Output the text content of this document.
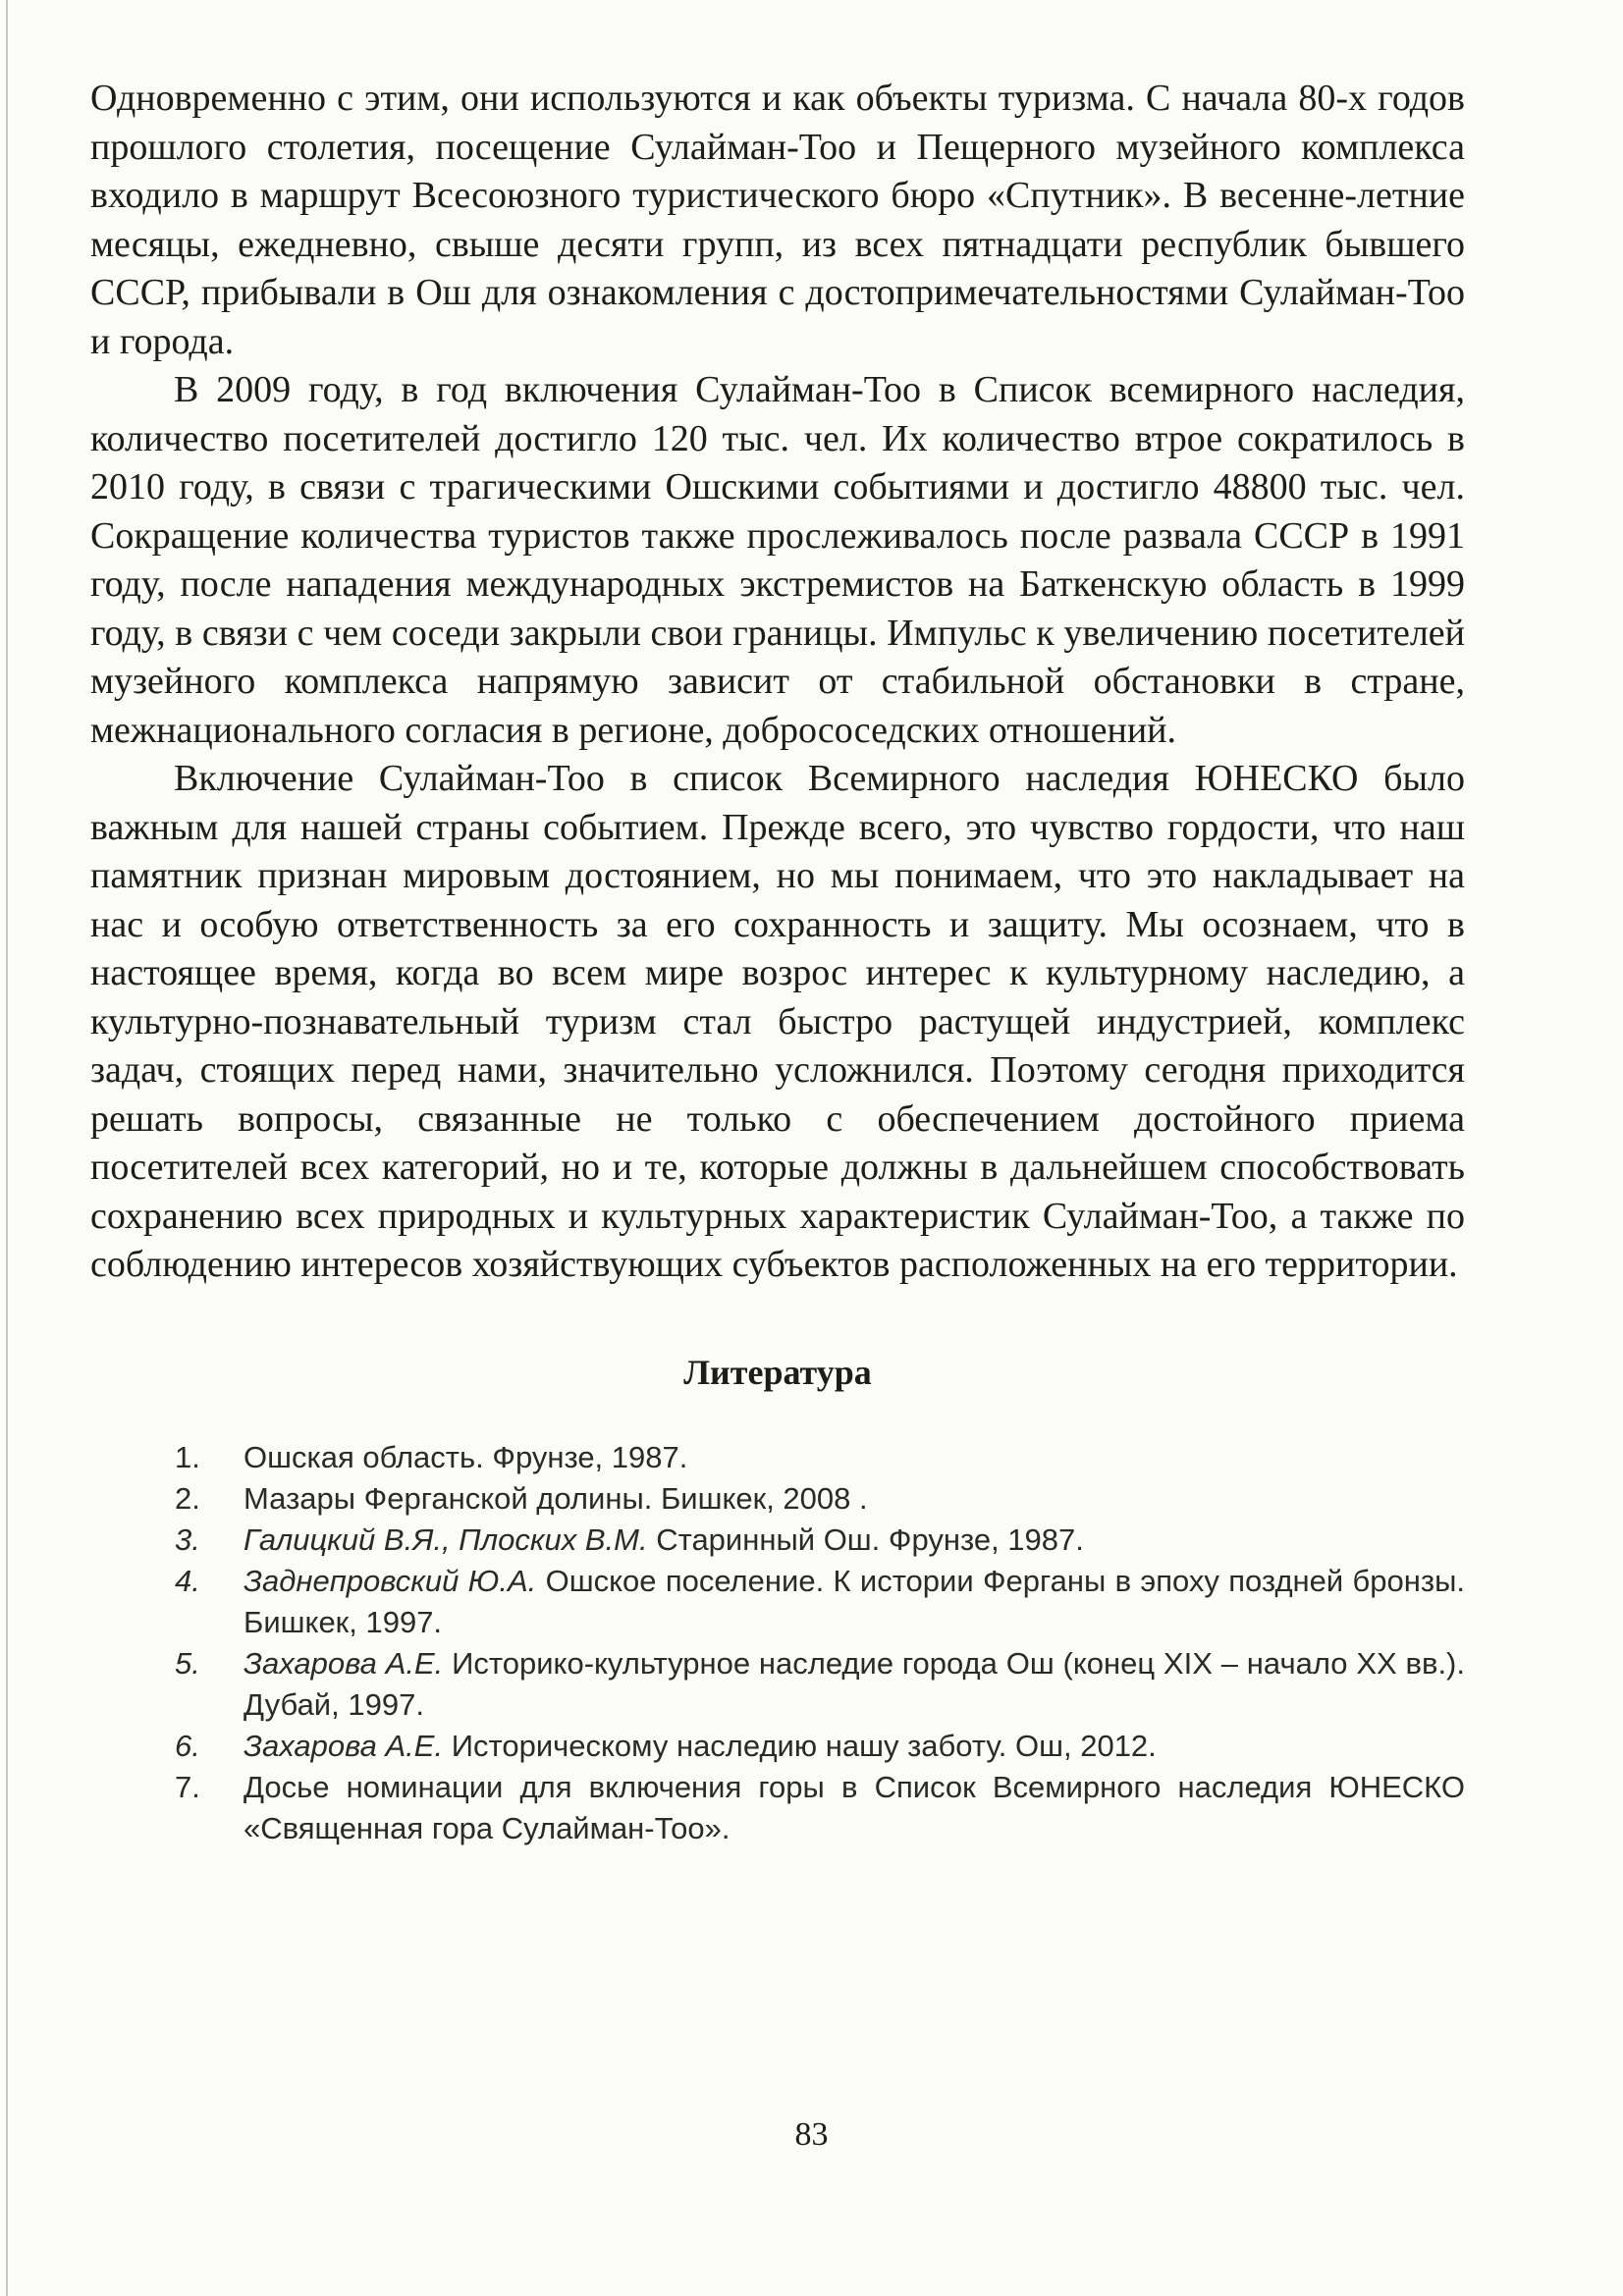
Одновременно с этим, они используются и как объекты туризма. С начала 80-х годов прошлого столетия, посещение Сулайман-Тоо и Пещерного музейного комплекса входило в маршрут Всесоюзного туристического бюро «Спутник». В весенне-летние месяцы, ежедневно, свыше десяти групп, из всех пятнадцати республик бывшего СССР, прибывали в Ош для ознакомления с достопримечательностями Сулайман-Тоо и города.

В 2009 году, в год включения Сулайман-Тоо в Список всемирного наследия, количество посетителей достигло 120 тыс. чел. Их количество втрое сократилось в 2010 году, в связи с трагическими Ошскими событиями и достигло 48800 тыс. чел. Сокращение количества туристов также прослеживалось после развала СССР в 1991 году, после нападения международных экстремистов на Баткенскую область в 1999 году, в связи с чем соседи закрыли свои границы. Импульс к увеличению посетителей музейного комплекса напрямую зависит от стабильной обстановки в стране, межнационального согласия в регионе, добрососедских отношений.

Включение Сулайман-Тоо в список Всемирного наследия ЮНЕСКО было важным для нашей страны событием. Прежде всего, это чувство гордости, что наш памятник признан мировым достоянием, но мы понимаем, что это накладывает на нас и особую ответственность за его сохранность и защиту. Мы осознаем, что в настоящее время, когда во всем мире возрос интерес к культурному наследию, а культурно-познавательный туризм стал быстро растущей индустрией, комплекс задач, стоящих перед нами, значительно усложнился. Поэтому сегодня приходится решать вопросы, связанные не только с обеспечением достойного приема посетителей всех категорий, но и те, которые должны в дальнейшем способствовать сохранению всех природных и культурных характеристик Сулайман-Тоо, а также по соблюдению интересов хозяйствующих субъектов расположенных на его территории.

Литература
1.	Ошская область. Фрунзе, 1987.
2.	Мазары Ферганской долины. Бишкек, 2008 .
3.	Галицкий В.Я., Плоских В.М. Старинный Ош. Фрунзе, 1987.
4.	Заднепровский Ю.А. Ошское поселение. К истории Ферганы в эпоху поздней бронзы. Бишкек, 1997.
5.	Захарова А.Е. Историко-культурное наследие города Ош (конец XIX – начало XX вв.). Дубай, 1997.
6.	Захарова А.Е. Историческому наследию нашу заботу. Ош, 2012.
7.	Досье номинации для включения горы в Список Всемирного наследия ЮНЕСКО «Священная гора Сулайман-Тоо».
83
